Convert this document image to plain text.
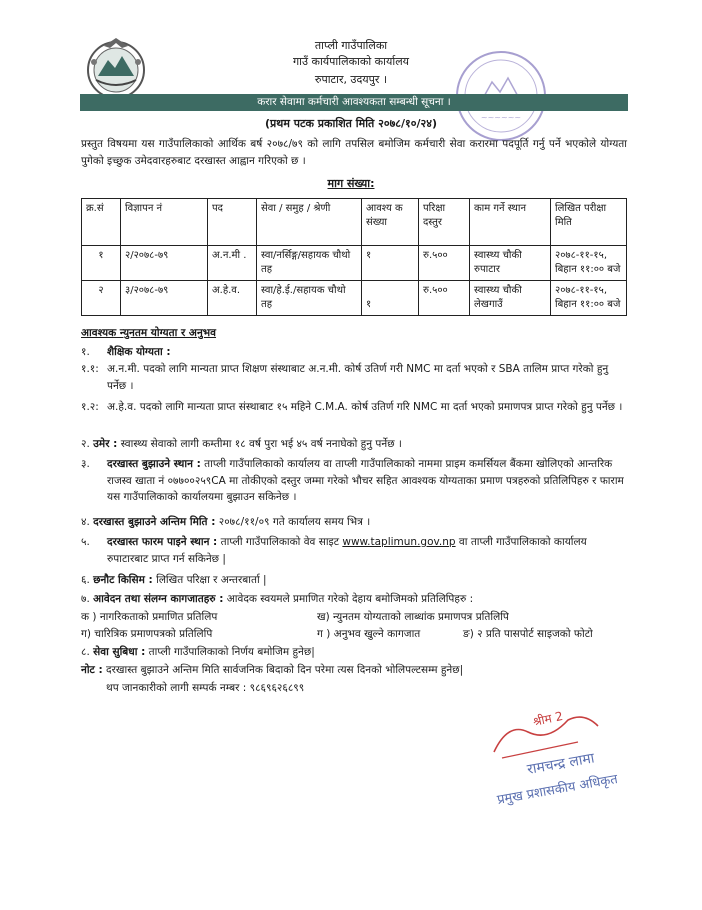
~~~~~~
ताप्ली गाउँपालिका
गाउँ कार्यपालिकाको कार्यालय
रुपाटार, उदयपुर ।
करार सेवामा कर्मचारी आवश्यकता सम्बन्धी सूचना ।
(प्रथम पटक प्रकाशित मिति २०७८/१०/२४)
प्रस्तुत विषयमा यस गाउँपालिकाको आर्थिक बर्ष २०७८/७९ को लागि तपसिल बमोजिम कर्मचारी सेवा करारमा पदपूर्ति गर्नु पर्ने भएकोले योग्यता पुगेको इच्छुक उमेदवारहरुबाट दरखास्त आह्वान गरिएको छ ।
माग संख्या:
क्र.सं	विज्ञापन नं	पद	सेवा / समुह / श्रेणी	आवश्य क संख्या	परिक्षा दस्तुर	काम गर्ने स्थान	लिखित परीक्षा मिति
१	२/२०७८-७९	अ.न.मी .	स्वा/नर्सिङ्ग/सहायक चौथो तह	१	रु.५००	स्वास्थ्य चौकी रुपाटार	२०७८-११-१५, बिहान ११:०० बजे
२	३/२०७८-७९	अ.हे.व.	स्वा/हे.ई./सहायक चौथो तह	१	रु.५००	स्वास्थ्य चौकी लेखगाउँ	२०७८-११-१५, बिहान ११:०० बजे
आवश्यक न्युनतम योग्यता र अनुभव
१. शैक्षिक योग्यता :
१.१: अ.न.मी. पदको लागि मान्यता प्राप्त शिक्षण संस्थाबाट अ.न.मी. कोर्ष उतिर्ण गरी NMC मा दर्ता भएको र SBA तालिम प्राप्त गरेको हुनु पर्नेछ ।
१.२: अ.हे.व. पदको लागि मान्यता प्राप्त संस्थाबाट १५ महिने C.M.A. कोर्ष उतिर्ण गरि NMC मा दर्ता भएको प्रमाणपत्र प्राप्त गरेको हुनु पर्नेछ ।
२. उमेर : स्वास्थ्य सेवाको लागी कम्तीमा १८ वर्ष पुरा भई ४५ वर्ष ननाघेको हुनु पर्नेछ ।
३.	दरखास्त बुझाउने स्थान : ताप्ली गाउँपालिकाको कार्यालय वा ताप्ली गाउँपालिकाको नाममा प्राइम कमर्सियल बैंकमा खोलिएको आन्तरिक राजस्व खाता नं ०७७००२५९CA मा तोकीएको दस्तुर जम्मा गरेको भौचर सहित आवश्यक योग्यताका प्रमाण पत्रहरुको प्रतिलिपिहरु र फाराम यस गाउँपालिकाको कार्यालयमा बुझाउन सकिनेछ ।
४. दरखास्त बुझाउने अन्तिम मिति : २०७८/११/०९ गते कार्यालय समय भित्र ।
५.	दरखास्त फारम पाइने स्थान : ताप्ली गाउँपालिकाको वेव साइट www.taplimun.gov.np वा ताप्ली गाउँपालिकाको कार्यालय रुपाटारबाट प्राप्त गर्न सकिनेछ |
६. छनौट किसिम : लिखित परिक्षा र अन्तरबार्ता |
७. आवेदन तथा संलग्न कागजातहरु : आवेदक स्वयमले प्रमाणित गरेको देहाय बमोजिमको प्रतिलिपिहरु :
क ) नागरिकताको प्रमाणित प्रतिलिप	ख) न्युनतम योग्यताको लाब्धांक प्रमाणपत्र प्रतिलिपि
ग) चारित्रिक प्रमाणपत्रको प्रतिलिपि	ग ) अनुभव खुल्ने कागजात	ङ) २ प्रति पासपोर्ट साइजको फोटो
८. सेवा सुबिधा : ताप्ली गाउँपालिकाको निर्णय बमोजिम हुनेछ|
नोट : दरखास्त बुझाउने अन्तिम मिति सार्वजनिक बिदाको दिन परेमा त्यस दिनको भोलिपल्टसम्म हुनेछ|
थप जानकारीको लागी सम्पर्क नम्बर : ९८६९६२६८९९
श्रीम 2
रामचन्द्र लामा
प्रमुख प्रशासकीय अधिकृत
